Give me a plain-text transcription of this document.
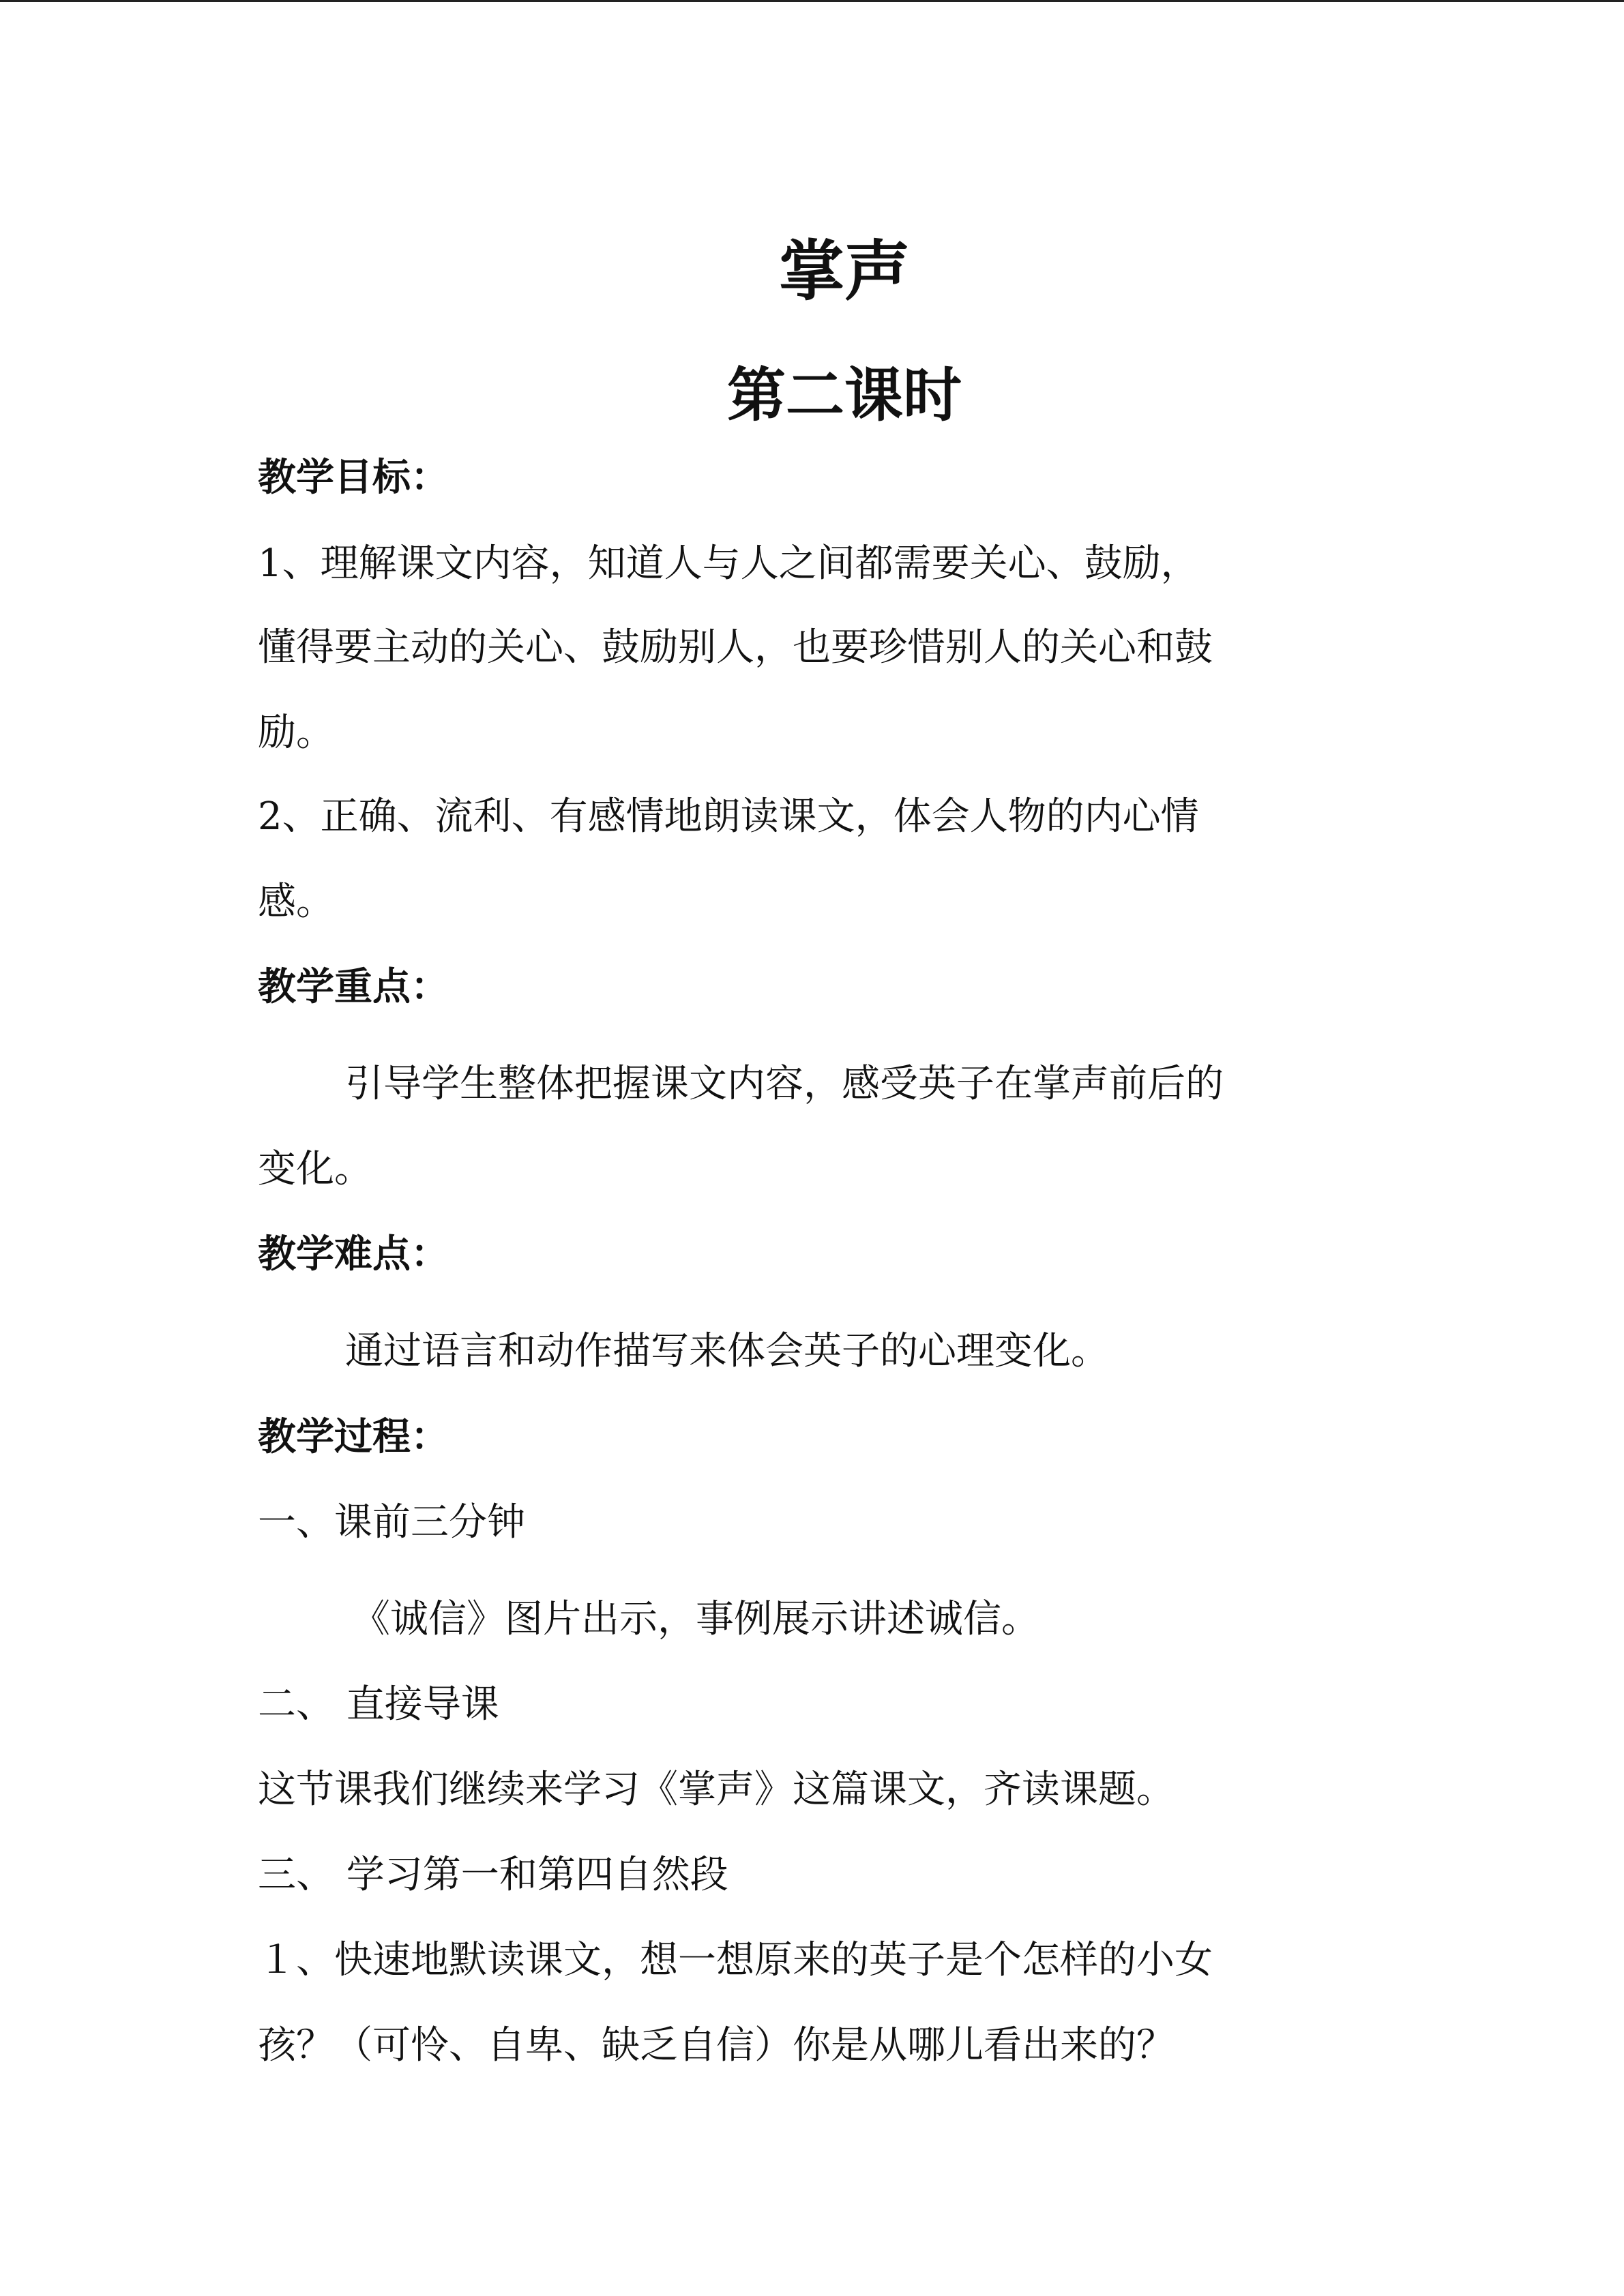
掌声
第二课时
教学目标：
1、理解课文内容，知道人与人之间都需要关心、鼓励，
懂得要主动的关心、鼓励别人，也要珍惜别人的关心和鼓
励。
2、正确、流利、有感情地朗读课文，体会人物的内心情
感。
教学重点：
引导学生整体把握课文内容，感受英子在掌声前后的
变化。
教学难点：
通过语言和动作描写来体会英子的心理变化。
教学过程：
一、课前三分钟
《诚信》图片出示，事例展示讲述诚信。
二、 直接导课
这节课我们继续来学习《掌声》这篇课文，齐读课题。
三、 学习第一和第四自然段
１、快速地默读课文，想一想原来的英子是个怎样的小女
孩？（可怜、自卑、缺乏自信）你是从哪儿看出来的？
